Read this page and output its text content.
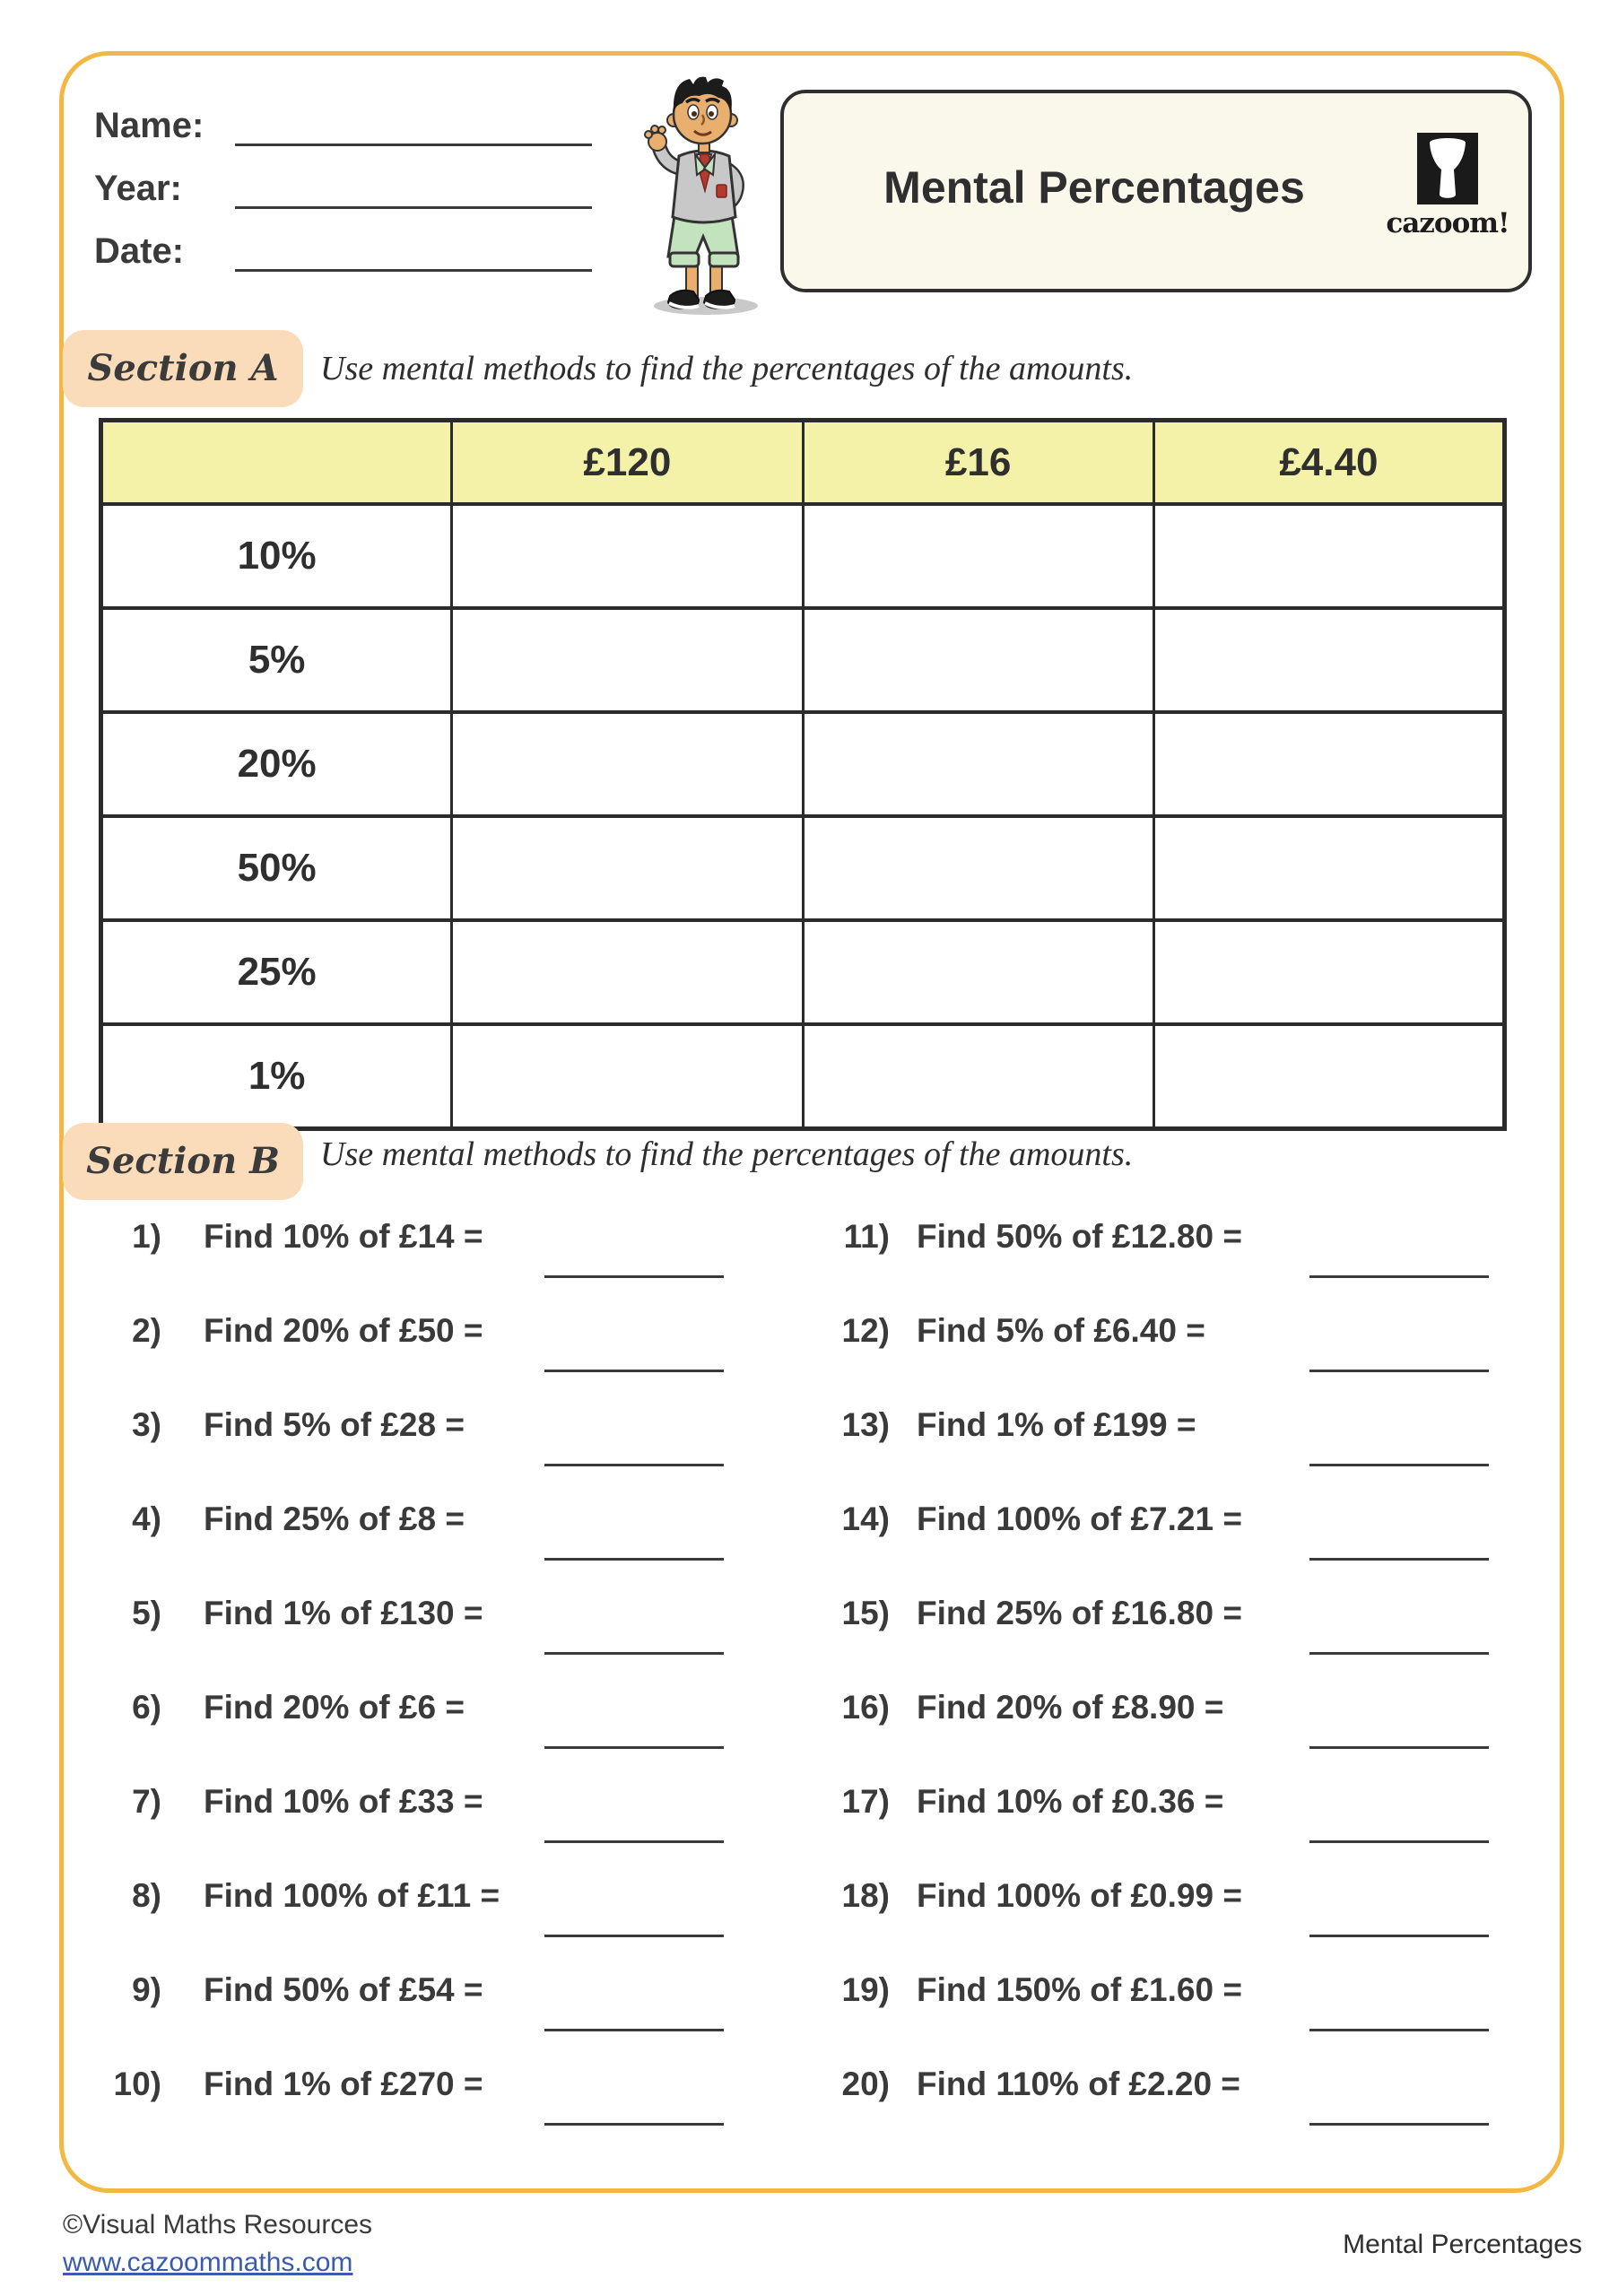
Name:
Year:
Date:
Mental Percentages
cazoom!
Section A	Use mental methods to find the percentages of the amounts.
	£120	£16	£4.40
10%			
5%			
20%			
50%			
25%			
1%			
Section B	Use mental methods to find the percentages of the amounts.
1) Find 10% of £14 =
2) Find 20% of £50 =
3) Find 5% of £28 =
4) Find 25% of £8 =
5) Find 1% of £130 =
6) Find 20% of £6 =
7) Find 10% of £33 =
8) Find 100% of £11 =
9) Find 50% of £54 =
10) Find 1% of £270 =
11) Find 50% of £12.80 =
12) Find 5% of £6.40 =
13) Find 1% of £199 =
14) Find 100% of £7.21 =
15) Find 25% of £16.80 =
16) Find 20% of £8.90 =
17) Find 10% of £0.36 =
18) Find 100% of £0.99 =
19) Find 150% of £1.60 =
20) Find 110% of £2.20 =
©Visual Maths Resources
www.cazoommaths.com
Mental Percentages
